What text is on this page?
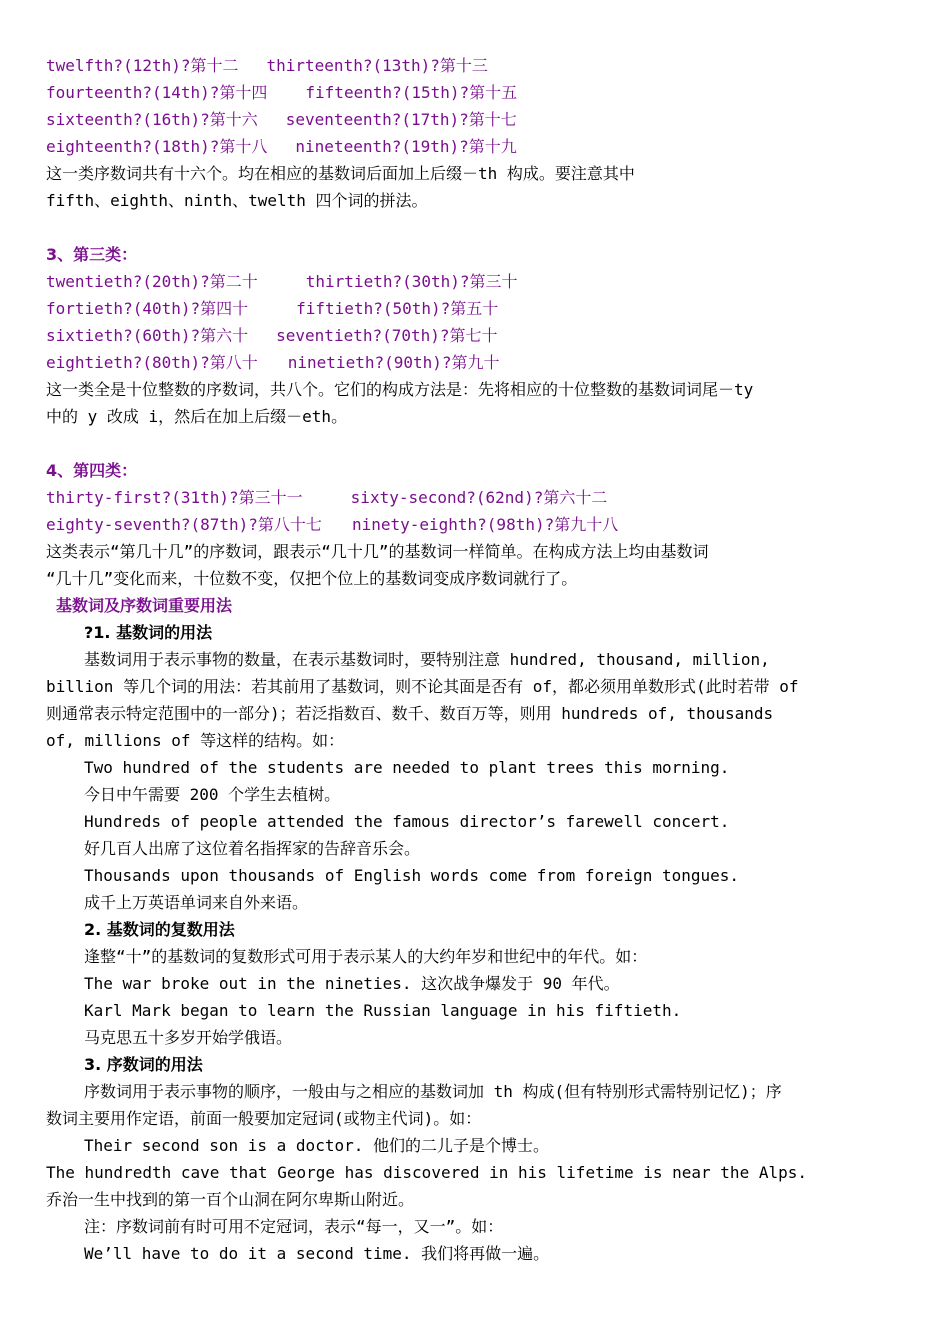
twelfth?(12th)?第十二 thirteenth?(13th)?第十三
fourteenth?(14th)?第十四 fifteenth?(15th)?第十五
sixteenth?(16th)?第十六 seventeenth?(17th)?第十七
eighteenth?(18th)?第十八 nineteenth?(19th)?第十九
这一类序数词共有十六个。均在相应的基数词后面加上后缀－th 构成。要注意其中
fifth、eighth、ninth、twelth 四个词的拼法。
3、第三类：
twentieth?(20th)?第二十	thirtieth?(30th)?第三十
fortieth?(40th)?第四十	fiftieth?(50th)?第五十
sixtieth?(60th)?第六十 seventieth?(70th)?第七十
eightieth?(80th)?第八十 ninetieth?(90th)?第九十
这一类全是十位整数的序数词，共八个。它们的构成方法是：先将相应的十位整数的基数词词尾－ty
中的 y 改成 i，然后在加上后缀－eth。
4、第四类：
thirty-first?(31th)?第三十一	sixty-second?(62nd)?第六十二
eighty-seventh?(87th)?第八十七 ninety-eighth?(98th)?第九十八
这类表示“第几十几”的序数词，跟表示“几十几”的基数词一样简单。在构成方法上均由基数词
“几十几”变化而来，十位数不变，仅把个位上的基数词变成序数词就行了。
基数词及序数词重要用法
?1. 基数词的用法
基数词用于表示事物的数量，在表示基数词时，要特别注意 hundred, thousand, million,
billion 等几个词的用法：若其前用了基数词，则不论其面是否有 of，都必须用单数形式(此时若带 of
则通常表示特定范围中的一部分)；若泛指数百、数千、数百万等，则用 hundreds of, thousands
of, millions of 等这样的结构。如：
Two hundred of the students are needed to plant trees this morning.
今日中午需要 200 个学生去植树。
Hundreds of people attended the famous director’s farewell concert.
好几百人出席了这位着名指挥家的告辞音乐会。
Thousands upon thousands of English words come from foreign tongues.
成千上万英语单词来自外来语。
2. 基数词的复数用法
逢整“十”的基数词的复数形式可用于表示某人的大约年岁和世纪中的年代。如：
The war broke out in the nineties. 这次战争爆发于 90 年代。
Karl Mark began to learn the Russian language in his fiftieth.
马克思五十多岁开始学俄语。
3. 序数词的用法
序数词用于表示事物的顺序，一般由与之相应的基数词加 th 构成(但有特别形式需特别记忆)；序
数词主要用作定语，前面一般要加定冠词(或物主代词)。如：
Their second son is a doctor. 他们的二儿子是个博士。
The hundredth cave that George has discovered in his lifetime is near the Alps.
乔治一生中找到的第一百个山洞在阿尔卑斯山附近。
注：序数词前有时可用不定冠词，表示“每一，又一”。如：
We’ll have to do it a second time. 我们将再做一遍。
